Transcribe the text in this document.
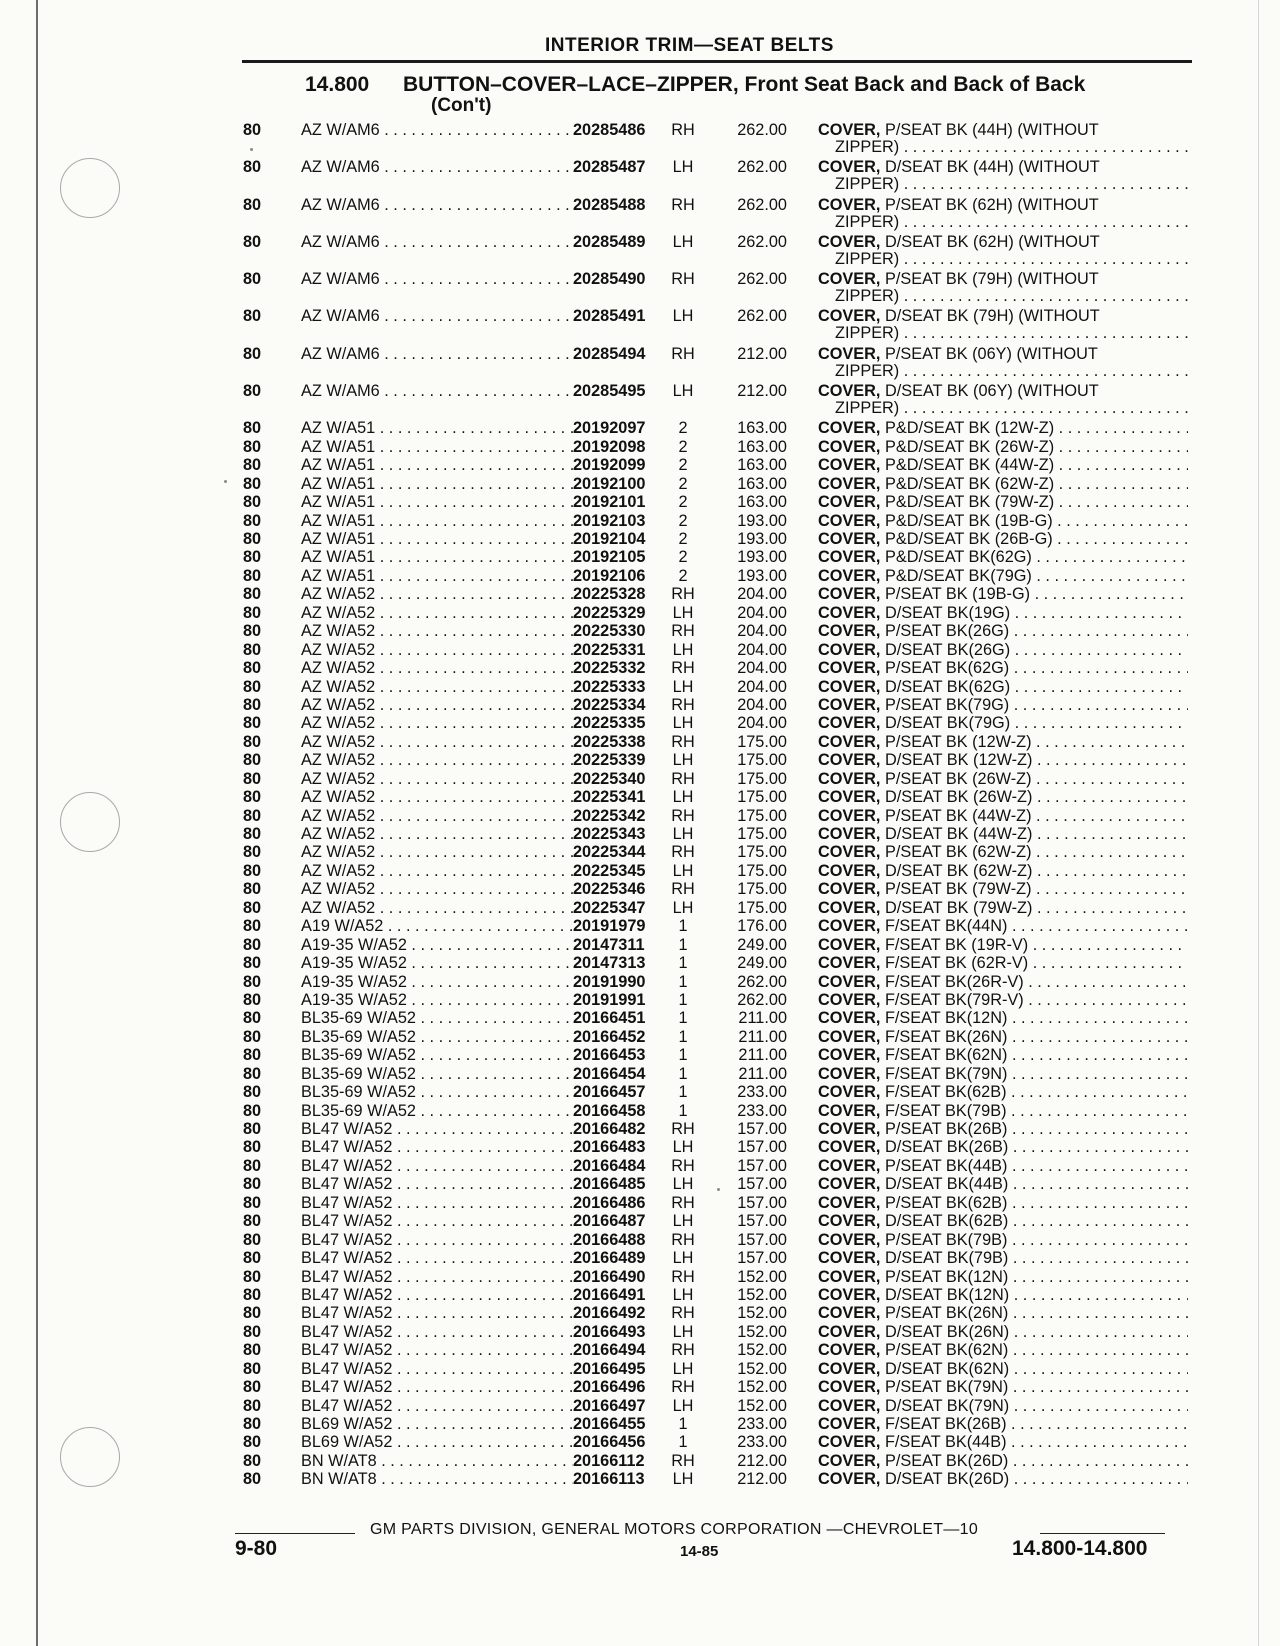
INTERIOR TRIM—SEAT BELTS
14.800 BUTTON–COVER–LACE–ZIPPER, Front Seat Back and Back of Back
(Con't)
80	AZ W/AM6 . . .	20285486	RH	262.00 COVER, P/SEAT BK (44H) (WITHOUT
ZIPPER) . . .
80	AZ W/AM6 . . .	20285487	LH	262.00 COVER, D/SEAT BK (44H) (WITHOUT
ZIPPER) . . .
80	AZ W/AM6 . . .	20285488	RH	262.00 COVER, P/SEAT BK (62H) (WITHOUT
ZIPPER) . . .
80	AZ W/AM6 . . .	20285489	LH	262.00 COVER, D/SEAT BK (62H) (WITHOUT
ZIPPER) . . .
80	AZ W/AM6 . . .	20285490	RH	262.00 COVER, P/SEAT BK (79H) (WITHOUT
ZIPPER) . . .
80	AZ W/AM6 . . .	20285491	LH	262.00 COVER, D/SEAT BK (79H) (WITHOUT
ZIPPER) . . .
80	AZ W/AM6 . . .	20285494	RH	212.00 COVER, P/SEAT BK (06Y) (WITHOUT
ZIPPER) . . .
80	AZ W/AM6 . . .	20285495	LH	212.00 COVER, D/SEAT BK (06Y) (WITHOUT
ZIPPER) . . .
80	AZ W/A51 . . .	20192097	2	163.00 COVER, P&D/SEAT BK (12W-Z) . . .
80	AZ W/A51 . . .	20192098	2	163.00 COVER, P&D/SEAT BK (26W-Z) . . .
80	AZ W/A51 . . .	20192099	2	163.00 COVER, P&D/SEAT BK (44W-Z) . . .
80	AZ W/A51 . . .	20192100	2	163.00 COVER, P&D/SEAT BK (62W-Z) . . .
80	AZ W/A51 . . .	20192101	2	163.00 COVER, P&D/SEAT BK (79W-Z) . . .
80	AZ W/A51 . . .	20192103	2	193.00 COVER, P&D/SEAT BK (19B-G) . . .
80	AZ W/A51 . . .	20192104	2	193.00 COVER, P&D/SEAT BK (26B-G) . . .
80	AZ W/A51 . . .	20192105	2	193.00 COVER, P&D/SEAT BK(62G) . . .
80	AZ W/A51 . . .	20192106	2	193.00 COVER, P&D/SEAT BK(79G) . . .
80	AZ W/A52 . . .	20225328	RH	204.00 COVER, P/SEAT BK (19B-G) . . .
80	AZ W/A52 . . .	20225329	LH	204.00 COVER, D/SEAT BK(19G) . . .
80	AZ W/A52 . . .	20225330	RH	204.00 COVER, P/SEAT BK(26G) . . .
80	AZ W/A52 . . .	20225331	LH	204.00 COVER, D/SEAT BK(26G) . . .
80	AZ W/A52 . . .	20225332	RH	204.00 COVER, P/SEAT BK(62G) . . .
80	AZ W/A52 . . .	20225333	LH	204.00 COVER, D/SEAT BK(62G) . . .
80	AZ W/A52 . . .	20225334	RH	204.00 COVER, P/SEAT BK(79G) . . .
80	AZ W/A52 . . .	20225335	LH	204.00 COVER, D/SEAT BK(79G) . . .
80	AZ W/A52 . . .	20225338	RH	175.00 COVER, P/SEAT BK (12W-Z) . . .
80	AZ W/A52 . . .	20225339	LH	175.00 COVER, D/SEAT BK (12W-Z) . . .
80	AZ W/A52 . . .	20225340	RH	175.00 COVER, P/SEAT BK (26W-Z) . . .
80	AZ W/A52 . . .	20225341	LH	175.00 COVER, D/SEAT BK (26W-Z) . . .
80	AZ W/A52 . . .	20225342	RH	175.00 COVER, P/SEAT BK (44W-Z) . . .
80	AZ W/A52 . . .	20225343	LH	175.00 COVER, D/SEAT BK (44W-Z) . . .
80	AZ W/A52 . . .	20225344	RH	175.00 COVER, P/SEAT BK (62W-Z) . . .
80	AZ W/A52 . . .	20225345	LH	175.00 COVER, D/SEAT BK (62W-Z) . . .
80	AZ W/A52 . . .	20225346	RH	175.00 COVER, P/SEAT BK (79W-Z) . . .
80	AZ W/A52 . . .	20225347	LH	175.00 COVER, D/SEAT BK (79W-Z) . . .
80	A19 W/A52 . . .	20191979	1	176.00 COVER, F/SEAT BK(44N) . . .
80	A19-35 W/A52 . . .	20147311	1	249.00 COVER, F/SEAT BK (19R-V) . . .
80	A19-35 W/A52 . . .	20147313	1	249.00 COVER, F/SEAT BK (62R-V) . . .
80	A19-35 W/A52 . . .	20191990	1	262.00 COVER, F/SEAT BK(26R-V) . . .
80	A19-35 W/A52 . . .	20191991	1	262.00 COVER, F/SEAT BK(79R-V) . . .
80	BL35-69 W/A52 . . .	20166451	1	211.00 COVER, F/SEAT BK(12N) . . .
80	BL35-69 W/A52 . . .	20166452	1	211.00 COVER, F/SEAT BK(26N) . . .
80	BL35-69 W/A52 . . .	20166453	1	211.00 COVER, F/SEAT BK(62N) . . .
80	BL35-69 W/A52 . . .	20166454	1	211.00 COVER, F/SEAT BK(79N) . . .
80	BL35-69 W/A52 . . .	20166457	1	233.00 COVER, F/SEAT BK(62B) . . .
80	BL35-69 W/A52 . . .	20166458	1	233.00 COVER, F/SEAT BK(79B) . . .
80	BL47 W/A52 . . .	20166482	RH	157.00 COVER, P/SEAT BK(26B) . . .
80	BL47 W/A52 . . .	20166483	LH	157.00 COVER, D/SEAT BK(26B) . . .
80	BL47 W/A52 . . .	20166484	RH	157.00 COVER, P/SEAT BK(44B) . . .
80	BL47 W/A52 . . .	20166485	LH	157.00 COVER, D/SEAT BK(44B) . . .
80	BL47 W/A52 . . .	20166486	RH	157.00 COVER, P/SEAT BK(62B) . . .
80	BL47 W/A52 . . .	20166487	LH	157.00 COVER, D/SEAT BK(62B) . . .
80	BL47 W/A52 . . .	20166488	RH	157.00 COVER, P/SEAT BK(79B) . . .
80	BL47 W/A52 . . .	20166489	LH	157.00 COVER, D/SEAT BK(79B) . . .
80	BL47 W/A52 . . .	20166490	RH	152.00 COVER, P/SEAT BK(12N) . . .
80	BL47 W/A52 . . .	20166491	LH	152.00 COVER, D/SEAT BK(12N) . . .
80	BL47 W/A52 . . .	20166492	RH	152.00 COVER, P/SEAT BK(26N) . . .
80	BL47 W/A52 . . .	20166493	LH	152.00 COVER, D/SEAT BK(26N) . . .
80	BL47 W/A52 . . .	20166494	RH	152.00 COVER, P/SEAT BK(62N) . . .
80	BL47 W/A52 . . .	20166495	LH	152.00 COVER, D/SEAT BK(62N) . . .
80	BL47 W/A52 . . .	20166496	RH	152.00 COVER, P/SEAT BK(79N) . . .
80	BL47 W/A52 . . .	20166497	LH	152.00 COVER, D/SEAT BK(79N) . . .
80	BL69 W/A52 . . .	20166455	1	233.00 COVER, F/SEAT BK(26B) . . .
80	BL69 W/A52 . . .	20166456	1	233.00 COVER, F/SEAT BK(44B) . . .
80	BN W/AT8 . . .	20166112	RH	212.00 COVER, P/SEAT BK(26D) . . .
80	BN W/AT8 . . .	20166113	LH	212.00 COVER, D/SEAT BK(26D) . . .
GM PARTS DIVISION, GENERAL MOTORS CORPORATION —CHEVROLET—10
9-80	14-85	14.800-14.800
